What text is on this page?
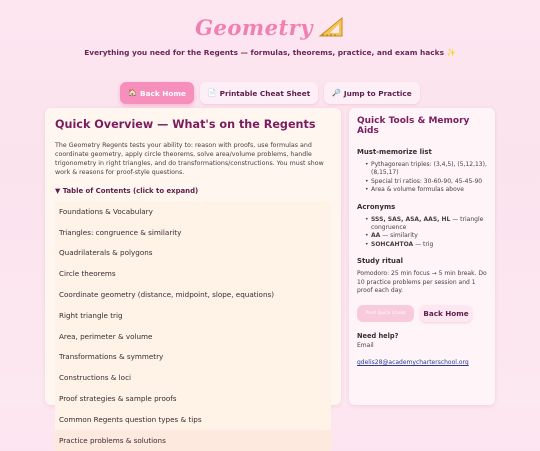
Geometry
Everything you need for the Regents — formulas, theorems, practice, and exam hacks ✨
🏠 Back Home	📄 Printable Cheat Sheet	🔎 Jump to Practice
Quick Overview — What's on the Regents
The Geometry Regents tests your ability to: reason with proofs, use formulas and coordinate geometry, apply circle theorems, solve area/volume problems, handle trigonometry in right triangles, and do transformations/constructions. You must show work & reasons for proof-style questions.
▼ Table of Contents (click to expand)
Foundations & Vocabulary
Triangles: congruence & similarity
Quadrilaterals & polygons
Circle theorems
Coordinate geometry (distance, midpoint, slope, equations)
Right triangle trig
Area, perimeter & volume
Transformations & symmetry
Constructions & loci
Proof strategies & sample proofs
Common Regents question types & tips
Practice problems & solutions
Quick Tools & Memory Aids
Must-memorize list
• Pythagorean triples: (3,4,5), (5,12,13), (8,15,17)
• Special tri ratios: 30-60-90, 45-45-90
• Area & volume formulas above
Acronyms
• SSS, SAS, ASA, AAS, HL — triangle congruence
• AA — similarity
• SOHCAHTOA — trig
Study ritual
Pomodoro: 25 min focus → 5 min break. Do 10 practice problems per session and 1 proof each day.
Print Quick Cheat	Back Home
Need help?
Email
gdelis28@academycharterschool.org
